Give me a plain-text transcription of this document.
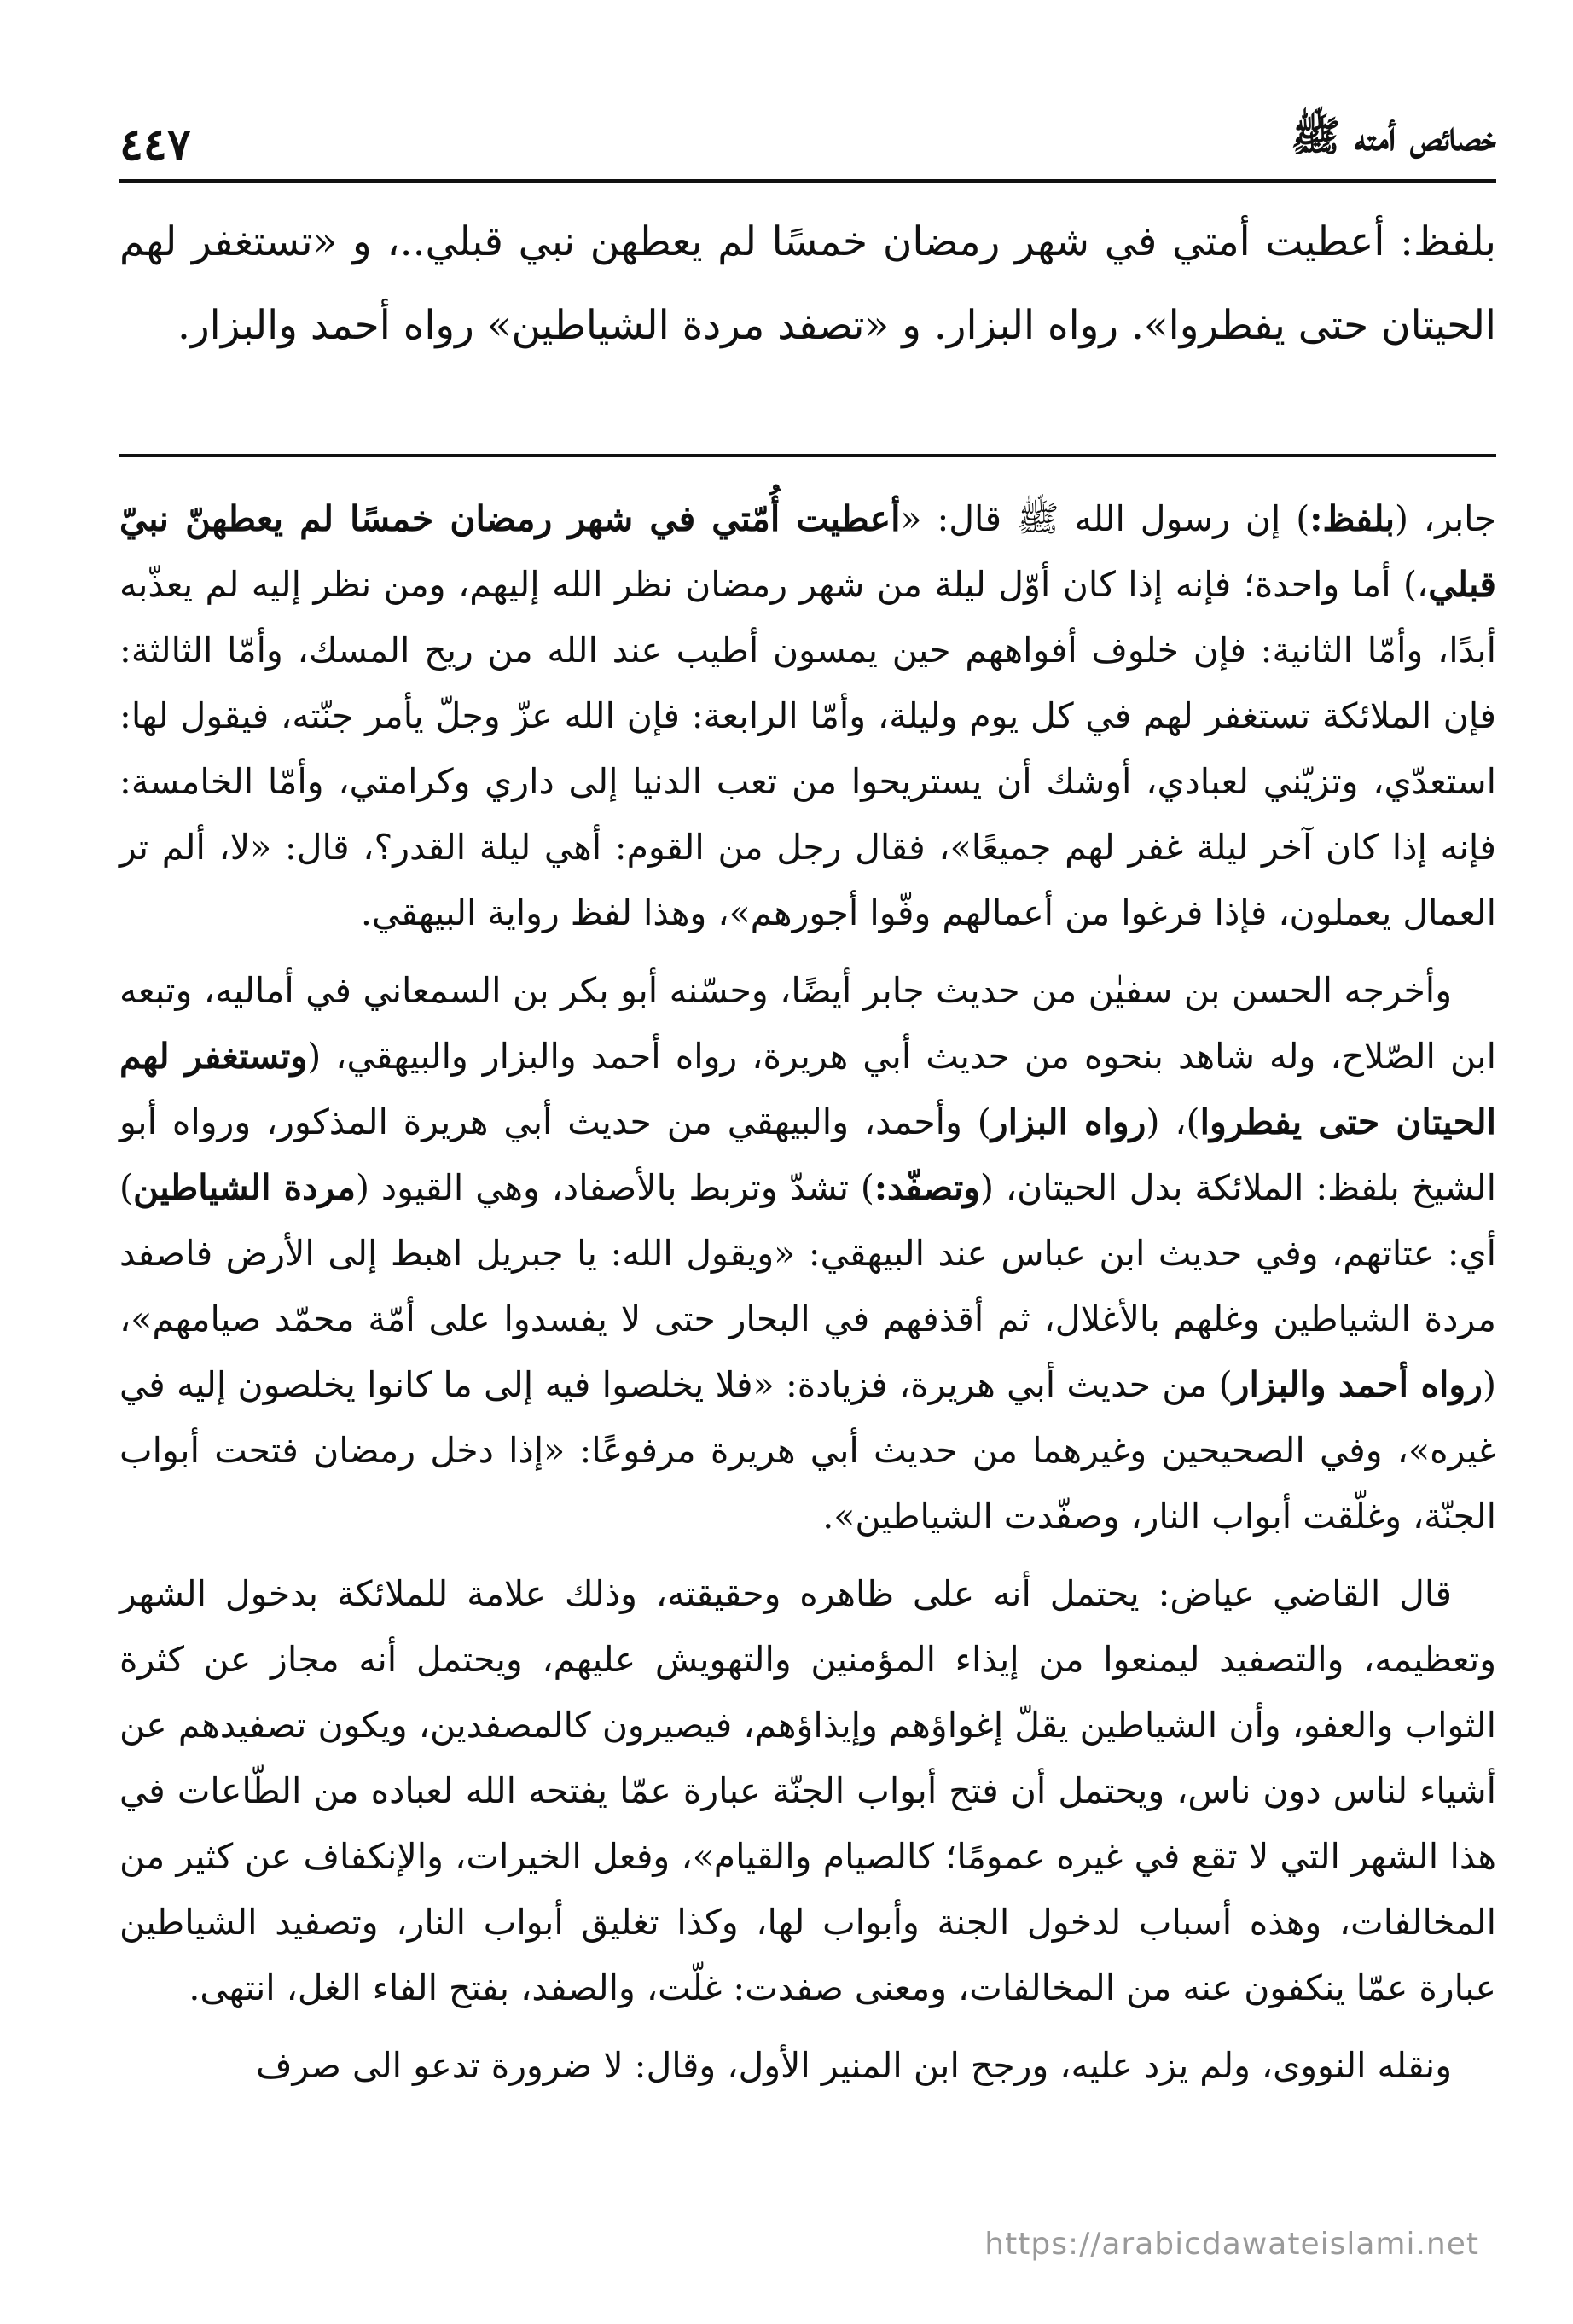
خصائص أمته ﷺ
٤٤٧
بلفظ: أعطيت أمتي في شهر رمضان خمسًا لم يعطهن نبي قبلي..، و «تستغفر لهم الحيتان حتى يفطروا». رواه البزار. و «تصفد مردة الشياطين» رواه أحمد والبزار.

جابر، (بلفظ:) إن رسول الله ﷺ قال: «أعطيت أُمّتي في شهر رمضان خمسًا لم يعطهنّ نبيّ قبلي،) أما واحدة؛ فإنه إذا كان أوّل ليلة من شهر رمضان نظر الله إليهم، ومن نظر إليه لم يعذّبه أبدًا، وأمّا الثانية: فإن خلوف أفواههم حين يمسون أطيب عند الله من ريح المسك، وأمّا الثالثة: فإن الملائكة تستغفر لهم في كل يوم وليلة، وأمّا الرابعة: فإن الله عزّ وجلّ يأمر جنّته، فيقول لها: استعدّي، وتزيّني لعبادي، أوشك أن يستريحوا من تعب الدنيا إلى داري وكرامتي، وأمّا الخامسة: فإنه إذا كان آخر ليلة غفر لهم جميعًا»، فقال رجل من القوم: أهي ليلة القدر؟، قال: «لا، ألم تر العمال يعملون، فإذا فرغوا من أعمالهم وفّوا أجورهم»، وهذا لفظ رواية البيهقي.

وأخرجه الحسن بن سفيٰن من حديث جابر أيضًا، وحسّنه أبو بكر بن السمعاني في أماليه، وتبعه ابن الصّلاح، وله شاهد بنحوه من حديث أبي هريرة، رواه أحمد والبزار والبيهقي، (وتستغفر لهم الحيتان حتى يفطروا)، (رواه البزار) وأحمد، والبيهقي من حديث أبي هريرة المذكور، ورواه أبو الشيخ بلفظ: الملائكة بدل الحيتان، (وتصفّد:) تشدّ وتربط بالأصفاد، وهي القيود (مردة الشياطين) أي: عتاتهم، وفي حديث ابن عباس عند البيهقي: «ويقول الله: يا جبريل اهبط إلى الأرض فاصفد مردة الشياطين وغلهم بالأغلال، ثم أقذفهم في البحار حتى لا يفسدوا على أمّة محمّد صيامهم»، (رواه أحمد والبزار) من حديث أبي هريرة، فزيادة: «فلا يخلصوا فيه إلى ما كانوا يخلصون إليه في غيره»، وفي الصحيحين وغيرهما من حديث أبي هريرة مرفوعًا: «إذا دخل رمضان فتحت أبواب الجنّة، وغلّقت أبواب النار، وصفّدت الشياطين».

قال القاضي عياض: يحتمل أنه على ظاهره وحقيقته، وذلك علامة للملائكة بدخول الشهر وتعظيمه، والتصفيد ليمنعوا من إيذاء المؤمنين والتهويش عليهم، ويحتمل أنه مجاز عن كثرة الثواب والعفو، وأن الشياطين يقلّ إغواؤهم وإيذاؤهم، فيصيرون كالمصفدين، ويكون تصفيدهم عن أشياء لناس دون ناس، ويحتمل أن فتح أبواب الجنّة عبارة عمّا يفتحه الله لعباده من الطّاعات في هذا الشهر التي لا تقع في غيره عمومًا؛ كالصيام والقيام»، وفعل الخيرات، والإنكفاف عن كثير من المخالفات، وهذه أسباب لدخول الجنة وأبواب لها، وكذا تغليق أبواب النار، وتصفيد الشياطين عبارة عمّا ينكفون عنه من المخالفات، ومعنى صفدت: غلّت، والصفد، بفتح الفاء الغل، انتهى.

ونقله النووى، ولم يزد عليه، ورجح ابن المنير الأول، وقال: لا ضرورة تدعو الى صرف

https://arabicdawateislami.net
